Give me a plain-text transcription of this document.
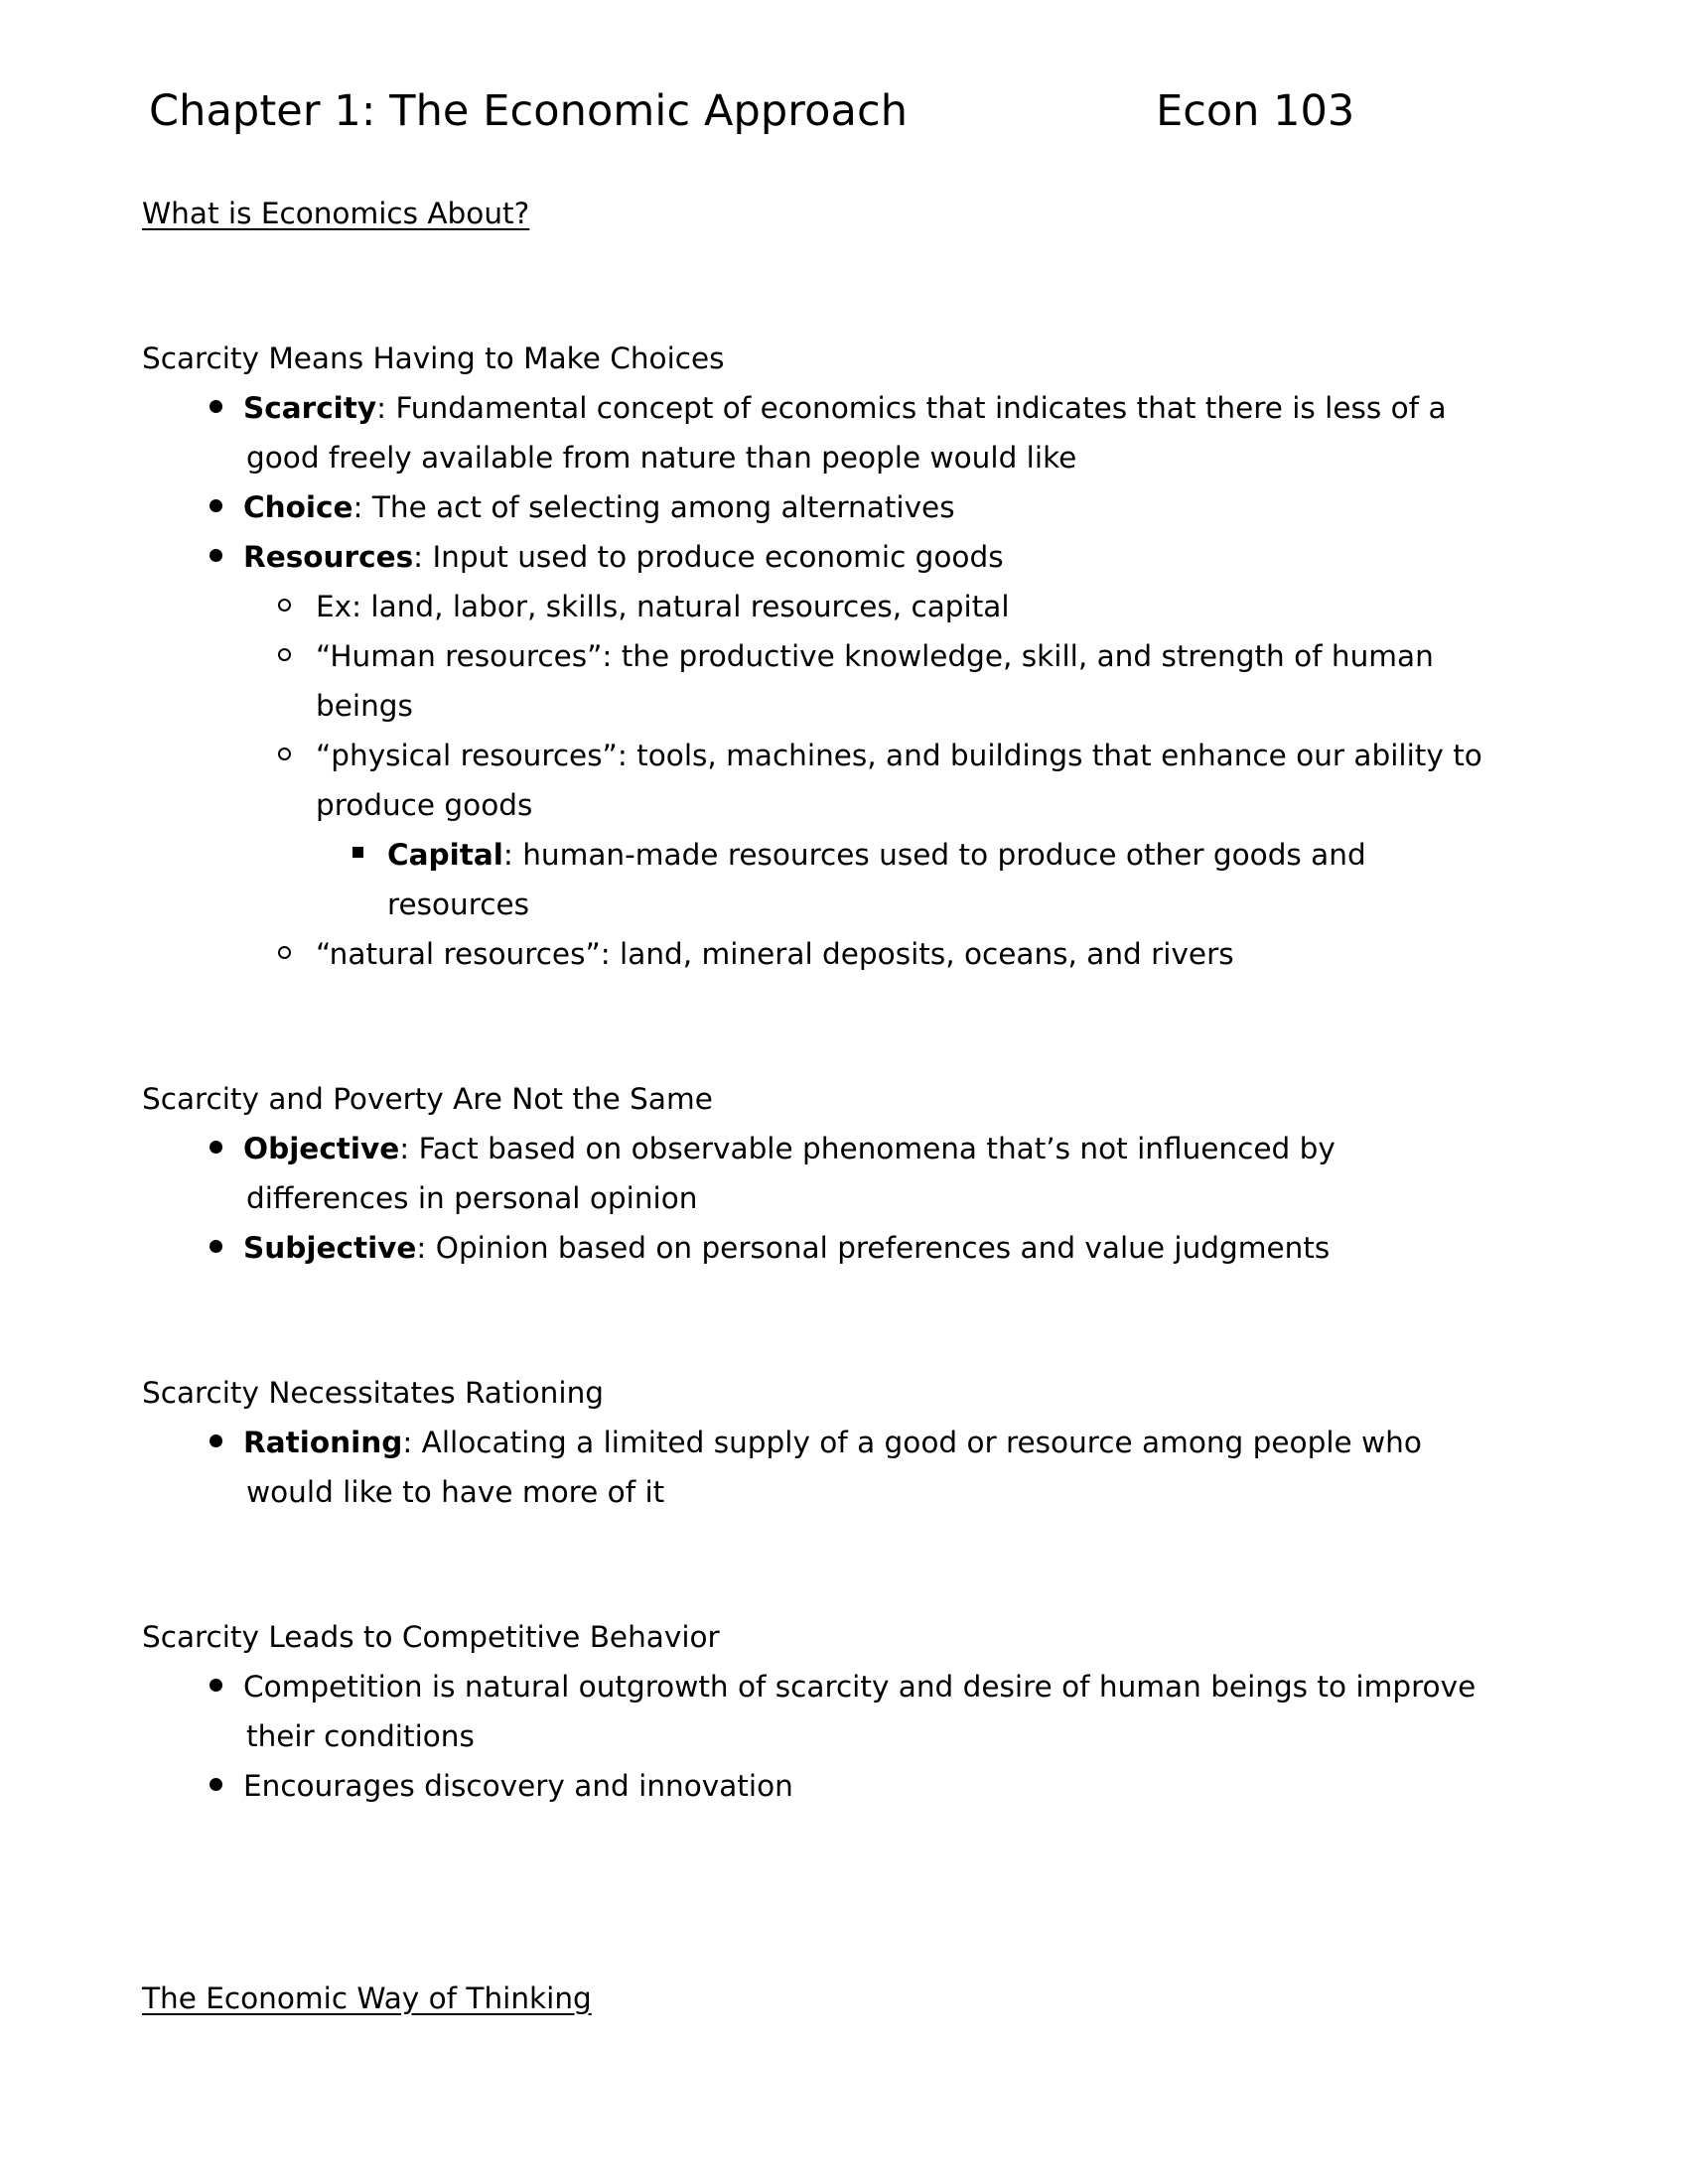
Chapter 1: The Economic Approach	Econ 103
What is Economics About?
Scarcity Means Having to Make Choices
Scarcity: Fundamental concept of economics that indicates that there is less of a good freely available from nature than people would like
Choice: The act of selecting among alternatives
Resources: Input used to produce economic goods
Ex: land, labor, skills, natural resources, capital
“Human resources”: the productive knowledge, skill, and strength of human beings
“physical resources”: tools, machines, and buildings that enhance our ability to produce goods
Capital: human-made resources used to produce other goods and resources
“natural resources”: land, mineral deposits, oceans, and rivers
Scarcity and Poverty Are Not the Same
Objective: Fact based on observable phenomena that’s not influenced by differences in personal opinion
Subjective: Opinion based on personal preferences and value judgments
Scarcity Necessitates Rationing
Rationing: Allocating a limited supply of a good or resource among people who would like to have more of it
Scarcity Leads to Competitive Behavior
Competition is natural outgrowth of scarcity and desire of human beings to improve their conditions
Encourages discovery and innovation
The Economic Way of Thinking
